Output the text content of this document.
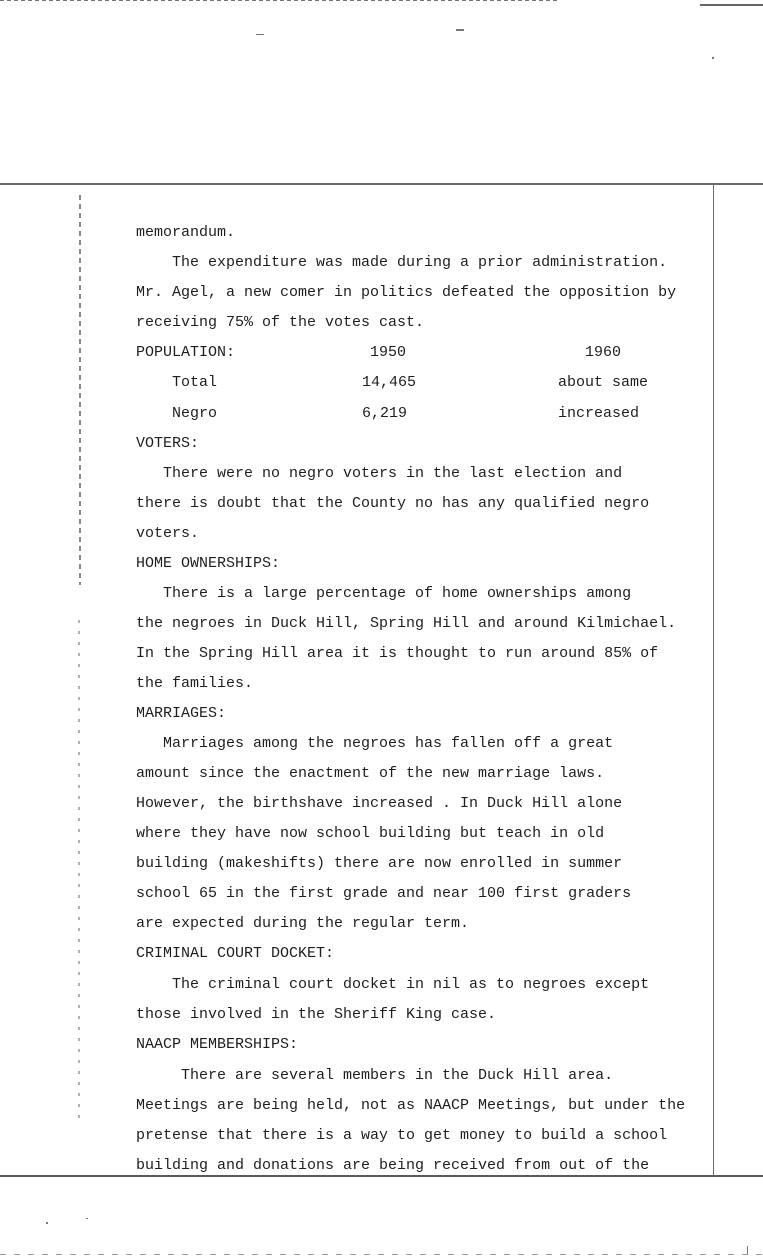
memorandum.
The expenditure was made during a prior administration.
Mr. Agel, a new comer in politics defeated the opposition by
receiving 75% of the votes cast.
POPULATION:	1950	1960
Total	14,465	about same
Negro	6,219	increased
VOTERS:
There were no negro voters in the last election and
there is doubt that the County no has any qualified negro
voters.
HOME OWNERSHIPS:
There is a large percentage of home ownerships among
the negroes in Duck Hill, Spring Hill and around Kilmichael.
In the Spring Hill area it is thought to run around 85% of
the families.
MARRIAGES:
Marriages among the negroes has fallen off a great
amount since the enactment of the new marriage laws.
However, the birthshave increased . In Duck Hill alone
where they have now school building but teach in old
building (makeshifts) there are now enrolled in summer
school 65 in the first grade and near 100 first graders
are expected during the regular term.
CRIMINAL COURT DOCKET:
The criminal court docket in nil as to negroes except
those involved in the Sheriff King case.
NAACP MEMBERSHIPS:
There are several members in the Duck Hill area.
Meetings are being held, not as NAACP Meetings, but under the
pretense that there is a way to get money to build a school
building and donations are being received from out of the
